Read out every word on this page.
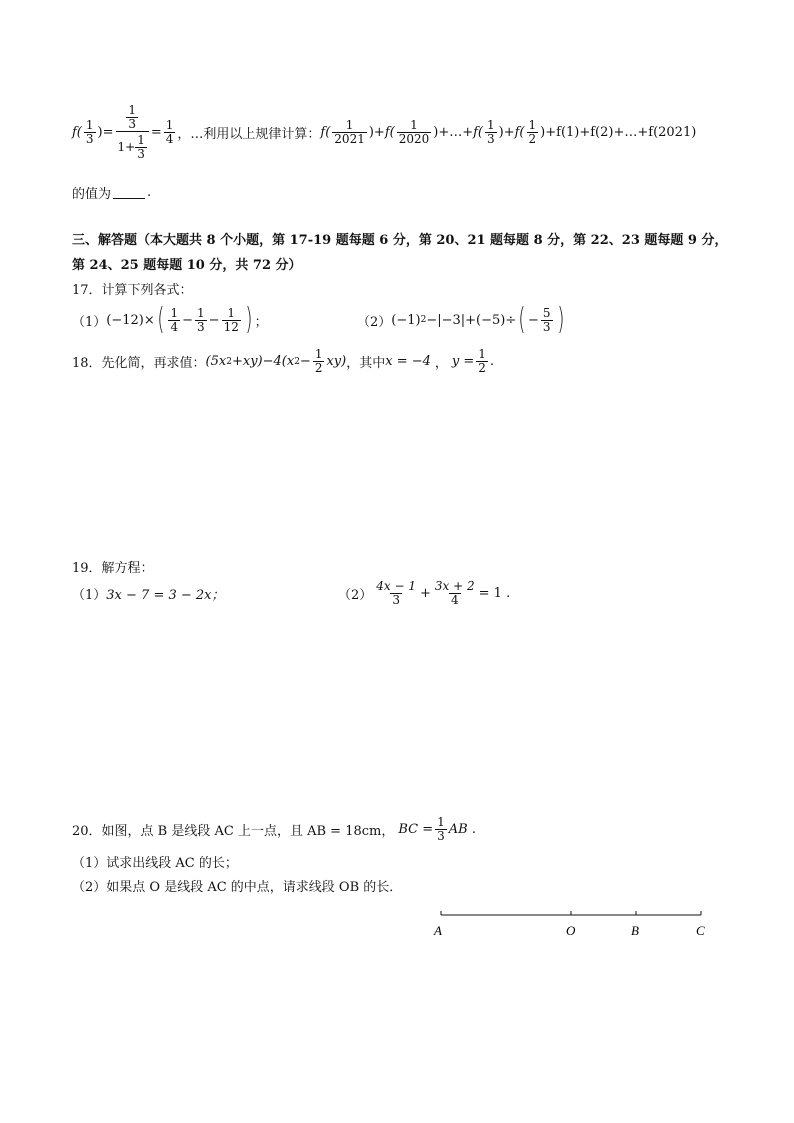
$f( \frac{1}{3}$ )= $\frac{\frac{1}{3}}{1+ \frac{1}{3}} = \frac{1}{4}$ ，…利用以上规律计算： $f( \frac{1}{2021}$ )+ $f( \frac{1}{2020}$ ) +…+ $f( \frac{1}{3}$ )+ $f( \frac{1}{2}$ ) +f(1)+f(2)+…+f(2021)
的值为	.
三、解答题（本大题共 8 个小题，第 17-19 题每题 6 分，第 20、21 题每题 8 分，第 22、23 题每题 9 分，
第 24、25 题每题 10 分，共 72 分）
17．计算下列各式：
（1） (−12)× ( $\frac{1}{4} - \frac{1}{3} - \frac{1}{12}$ ) ；	（2） (−1) 2 −|−3|+(−5)÷ ( − $\frac{5}{3}$ )
18．先化简，再求值： (5x 2 +xy)−4(x $2 - \frac{1}{2} xy$) ，其中 x = −4 ， $y = \frac{1}{2}$ .
19．解方程：
（1） 3x − 7 = 3 − 2x；	$(2) \frac{4x - 1}{3} + \frac{3x + 2}{4} = 1$ .
20．如图，点 B 是线段 AC 上一点，且 AB = 18cm， BC = $\frac{1}{3}$ AB .
（1）试求出线段 AC 的长；
（2）如果点 O 是线段 AC 的中点，请求线段 OB 的长．
A	O	B	C
